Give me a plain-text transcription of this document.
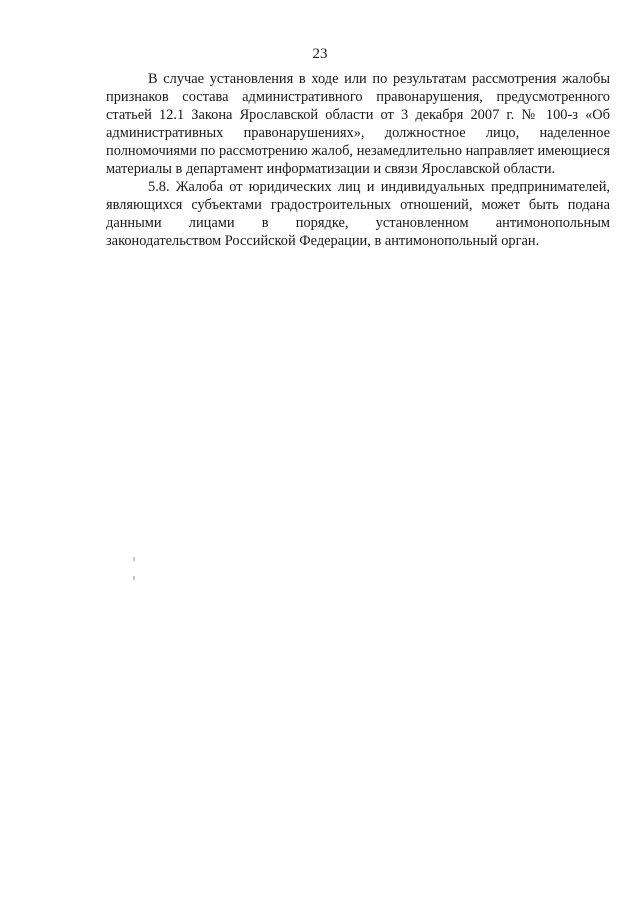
23

В случае установления в ходе или по результатам рассмотрения жалобы признаков состава административного правонарушения, предусмотренного статьей 12.1 Закона Ярославской области от 3 декабря 2007 г. № 100-з «Об административных правонарушениях», должностное лицо, наделенное полномочиями по рассмотрению жалоб, незамедлительно направляет имеющиеся материалы в департамент информатизации и связи Ярославской области.

5.8. Жалоба от юридических лиц и индивидуальных предпринимателей, являющихся субъектами градостроительных отношений, может быть подана данными лицами в порядке, установленном антимонопольным законодательством Российской Федерации, в антимонопольный орган.
